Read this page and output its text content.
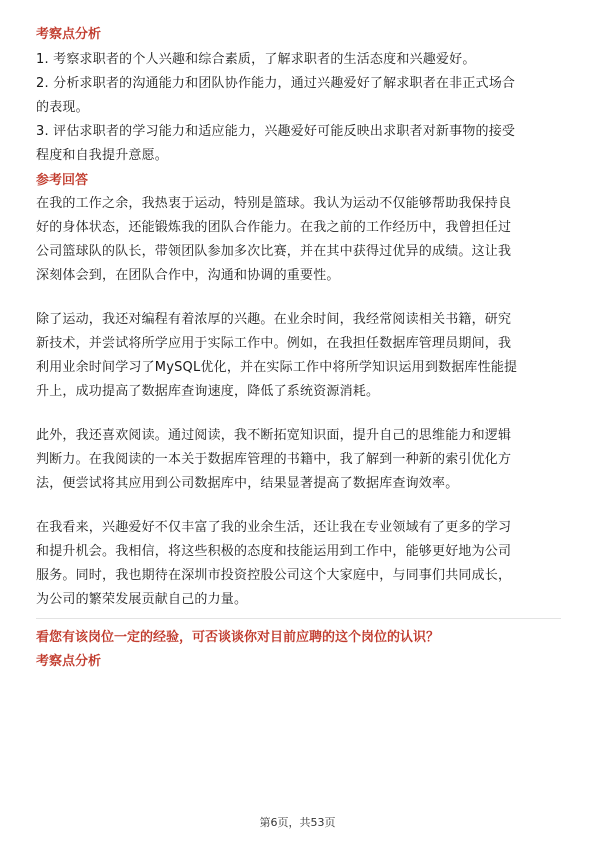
考察点分析

1. 考察求职者的个人兴趣和综合素质，了解求职者的生活态度和兴趣爱好。

2. 分析求职者的沟通能力和团队协作能力，通过兴趣爱好了解求职者在非正式场合

的表现。

3. 评估求职者的学习能力和适应能力，兴趣爱好可能反映出求职者对新事物的接受

程度和自我提升意愿。

参考回答

在我的工作之余，我热衷于运动，特别是篮球。我认为运动不仅能够帮助我保持良

好的身体状态，还能锻炼我的团队合作能力。在我之前的工作经历中，我曾担任过

公司篮球队的队长，带领团队参加多次比赛，并在其中获得过优异的成绩。这让我

深刻体会到，在团队合作中，沟通和协调的重要性。

除了运动，我还对编程有着浓厚的兴趣。在业余时间，我经常阅读相关书籍，研究

新技术，并尝试将所学应用于实际工作中。例如，在我担任数据库管理员期间，我

利用业余时间学习了MySQL优化，并在实际工作中将所学知识运用到数据库性能提

升上，成功提高了数据库查询速度，降低了系统资源消耗。

此外，我还喜欢阅读。通过阅读，我不断拓宽知识面，提升自己的思维能力和逻辑

判断力。在我阅读的一本关于数据库管理的书籍中，我了解到一种新的索引优化方

法，便尝试将其应用到公司数据库中，结果显著提高了数据库查询效率。

在我看来，兴趣爱好不仅丰富了我的业余生活，还让我在专业领域有了更多的学习

和提升机会。我相信，将这些积极的态度和技能运用到工作中，能够更好地为公司

服务。同时，我也期待在深圳市投资控股公司这个大家庭中，与同事们共同成长，

为公司的繁荣发展贡献自己的力量。

看您有该岗位一定的经验，可否谈谈你对目前应聘的这个岗位的认识？

考察点分析

第6页，共53页
